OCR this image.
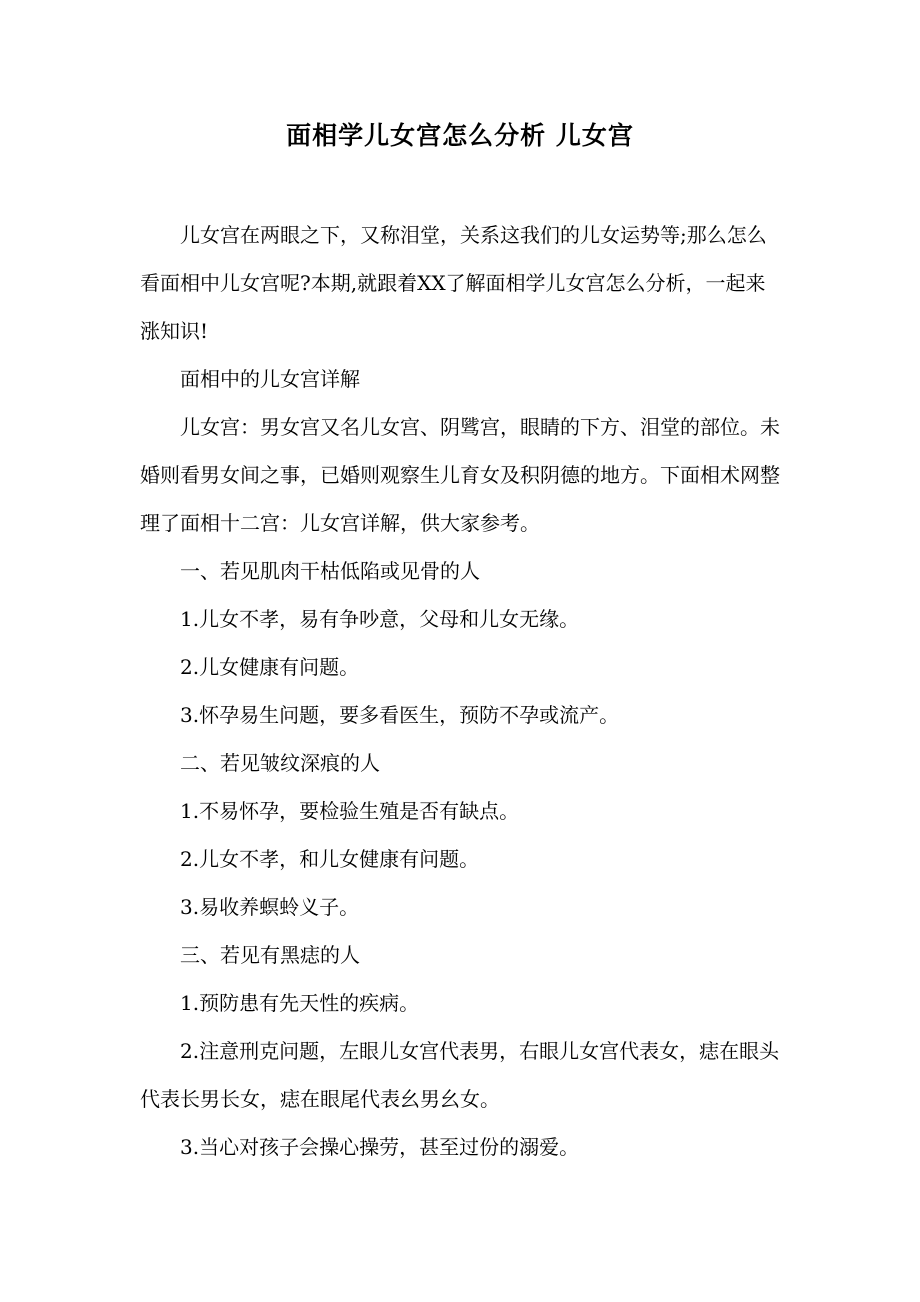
面相学儿女宫怎么分析 儿女宫

儿女宫在两眼之下，又称泪堂，关系这我们的儿女运势等;那么怎么看面相中儿女宫呢?本期,就跟着XX了解面相学儿女宫怎么分析，一起来涨知识!

面相中的儿女宫详解

儿女宫：男女宫又名儿女宫、阴骘宫，眼睛的下方、泪堂的部位。未婚则看男女间之事，已婚则观察生儿育女及积阴德的地方。下面相术网整理了面相十二宫：儿女宫详解，供大家参考。

一、若见肌肉干枯低陷或见骨的人

1.儿女不孝，易有争吵意，父母和儿女无缘。

2.儿女健康有问题。

3.怀孕易生问题，要多看医生，预防不孕或流产。

二、若见皱纹深痕的人

1.不易怀孕，要检验生殖是否有缺点。

2.儿女不孝，和儿女健康有问题。

3.易收养螟蛉义子。

三、若见有黑痣的人

1.预防患有先天性的疾病。

2.注意刑克问题，左眼儿女宫代表男，右眼儿女宫代表女，痣在眼头代表长男长女，痣在眼尾代表幺男幺女。

3.当心对孩子会操心操劳，甚至过份的溺爱。
